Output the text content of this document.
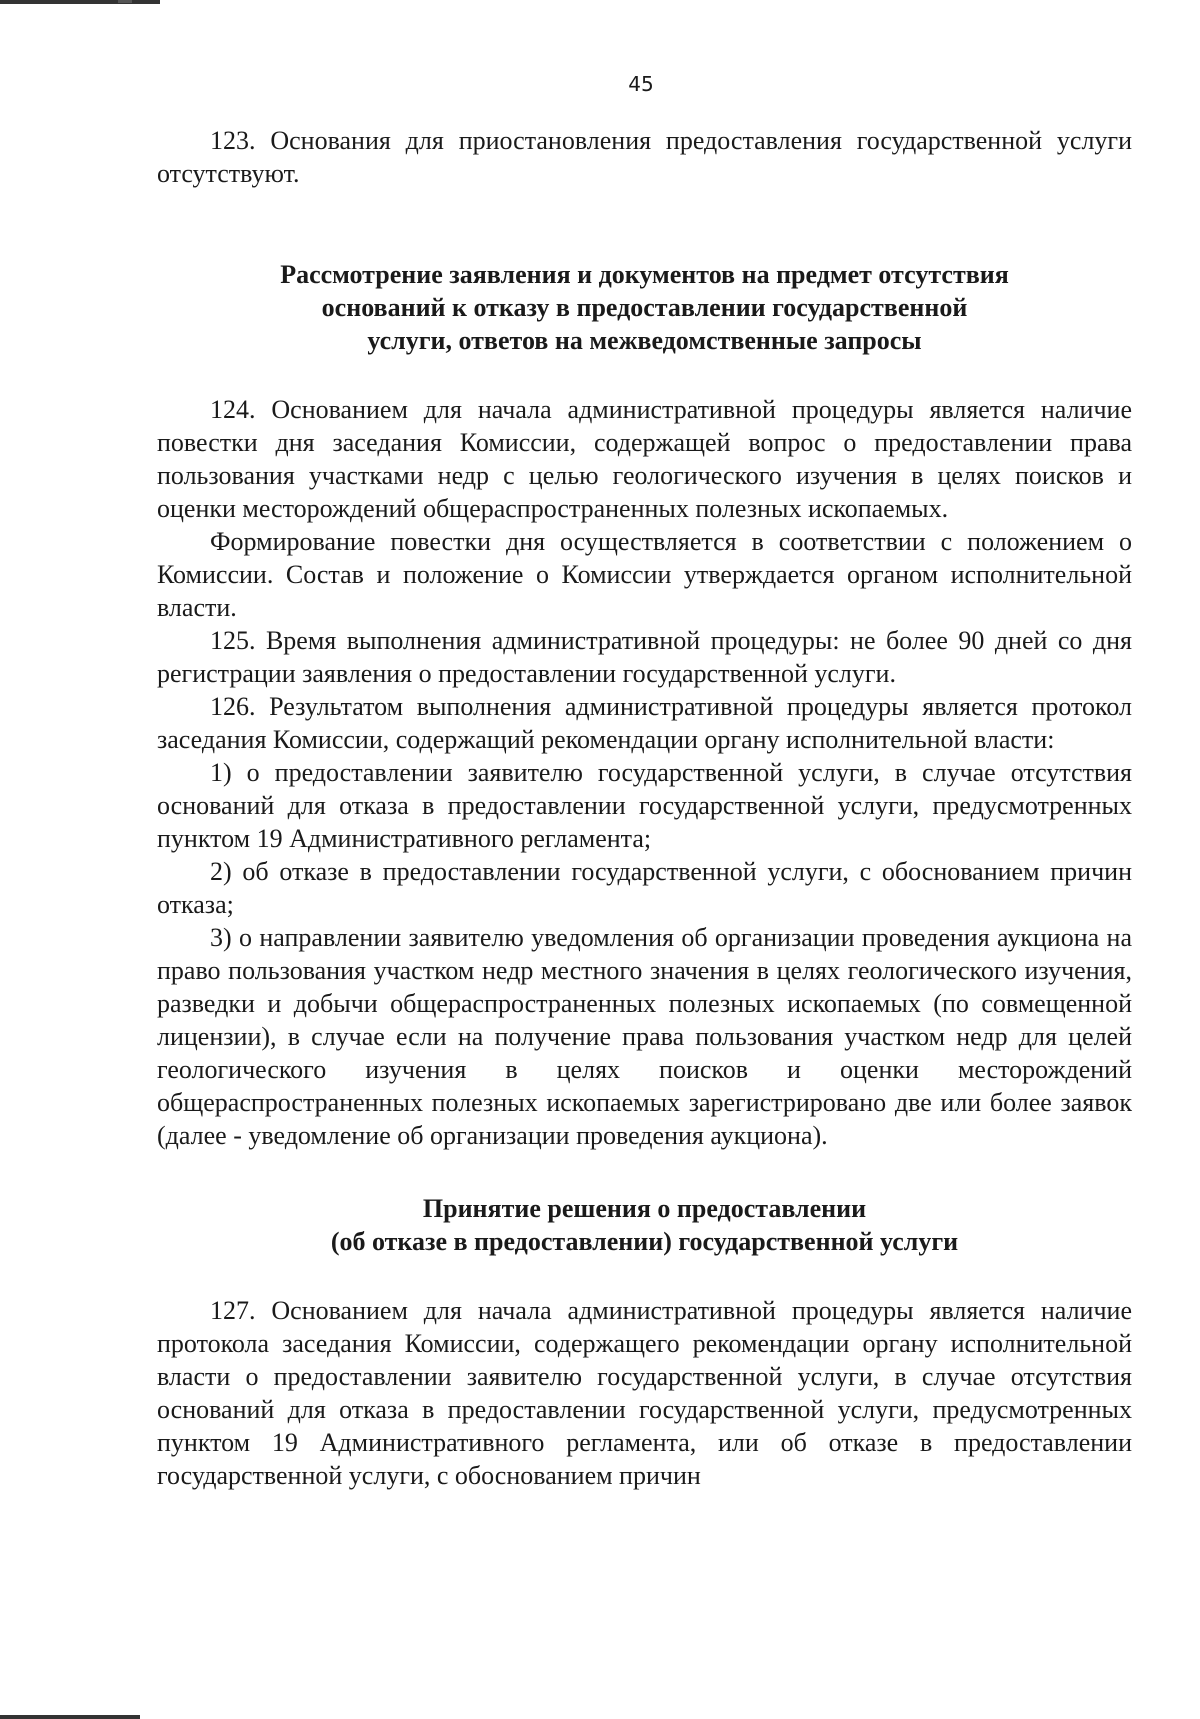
45

123. Основания для приостановления предоставления государственной услуги отсутствуют.

Рассмотрение заявления и документов на предмет отсутствия
оснований к отказу в предоставлении государственной
услуги, ответов на межведомственные запросы

124. Основанием для начала административной процедуры является наличие повестки дня заседания Комиссии, содержащей вопрос о предоставлении права пользования участками недр с целью геологического изучения в целях поисков и оценки месторождений общераспространенных полезных ископаемых.

Формирование повестки дня осуществляется в соответствии с положением о Комиссии. Состав и положение о Комиссии утверждается органом исполнительной власти.

125. Время выполнения административной процедуры: не более 90 дней со дня регистрации заявления о предоставлении государственной услуги.

126. Результатом выполнения административной процедуры является протокол заседания Комиссии, содержащий рекомендации органу исполнительной власти:

1) о предоставлении заявителю государственной услуги, в случае отсутствия оснований для отказа в предоставлении государственной услуги, предусмотренных пунктом 19 Административного регламента;

2) об отказе в предоставлении государственной услуги, с обоснованием причин отказа;

3) о направлении заявителю уведомления об организации проведения аукциона на право пользования участком недр местного значения в целях геологического изучения, разведки и добычи общераспространенных полезных ископаемых (по совмещенной лицензии), в случае если на получение права пользования участком недр для целей геологического изучения в целях поисков и оценки месторождений общераспространенных полезных ископаемых зарегистрировано две или более заявок (далее - уведомление об организации проведения аукциона).

Принятие решения о предоставлении
(об отказе в предоставлении) государственной услуги

127. Основанием для начала административной процедуры является наличие протокола заседания Комиссии, содержащего рекомендации органу исполнительной власти о предоставлении заявителю государственной услуги, в случае отсутствия оснований для отказа в предоставлении государственной услуги, предусмотренных пунктом 19 Административного регламента, или об отказе в предоставлении государственной услуги, с обоснованием причин
